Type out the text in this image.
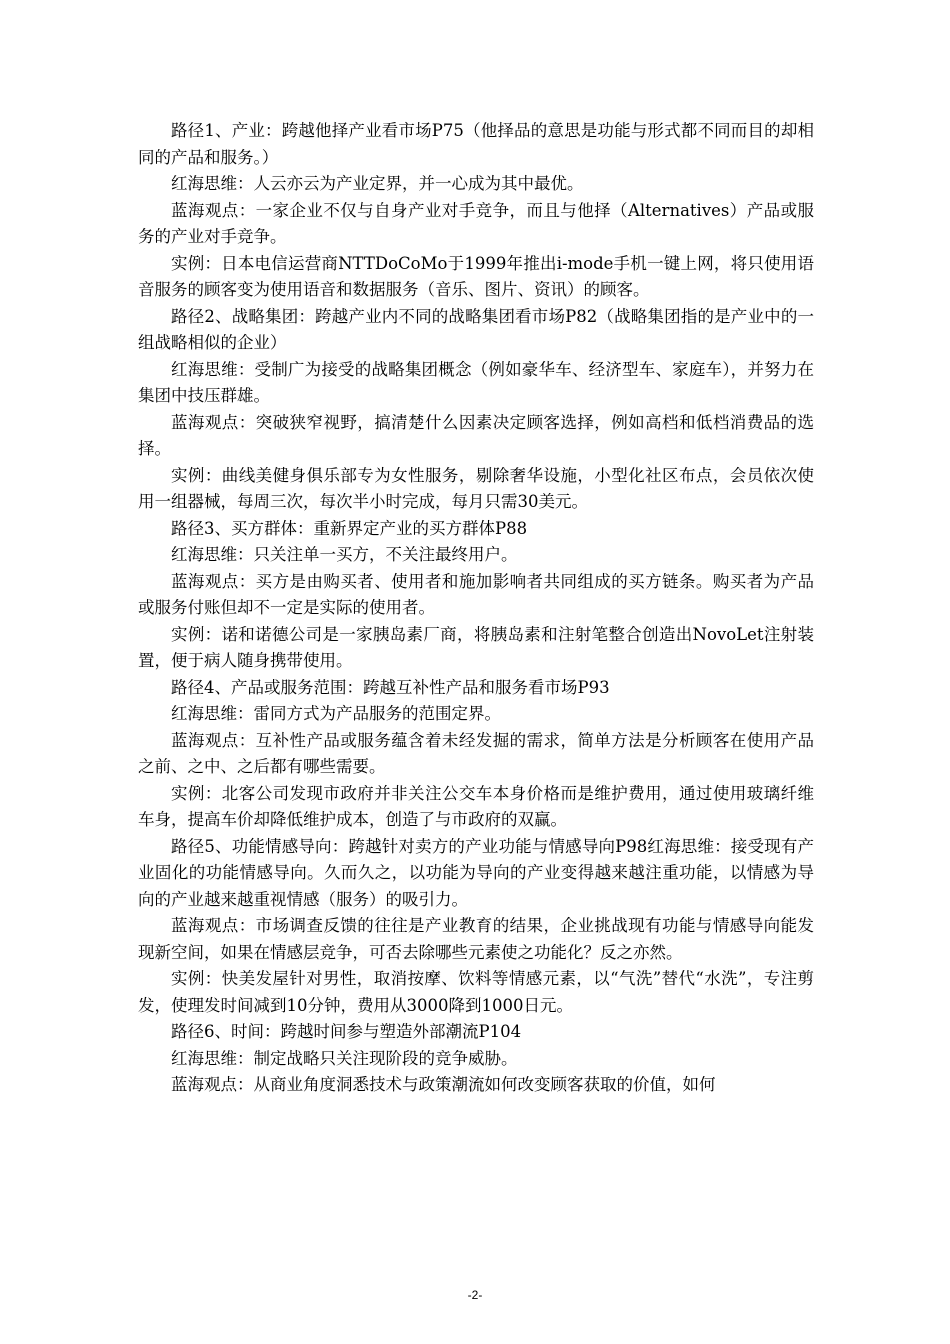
路径1、产业：跨越他择产业看市场P75（他择品的意思是功能与形式都不同而目的却相同的产品和服务。）

红海思维：人云亦云为产业定界，并一心成为其中最优。

蓝海观点：一家企业不仅与自身产业对手竞争，而且与他择（Alternatives）产品或服务的产业对手竞争。

实例：日本电信运营商NTTDoCoMo于1999年推出i-mode手机一键上网，将只使用语音服务的顾客变为使用语音和数据服务（音乐、图片、资讯）的顾客。

路径2、战略集团：跨越产业内不同的战略集团看市场P82（战略集团指的是产业中的一组战略相似的企业）

红海思维：受制广为接受的战略集团概念（例如豪华车、经济型车、家庭车），并努力在集团中技压群雄。

蓝海观点：突破狭窄视野，搞清楚什么因素决定顾客选择，例如高档和低档消费品的选择。

实例：曲线美健身俱乐部专为女性服务，剔除奢华设施，小型化社区布点，会员依次使用一组器械，每周三次，每次半小时完成，每月只需30美元。

路径3、买方群体：重新界定产业的买方群体P88

红海思维：只关注单一买方，不关注最终用户。

蓝海观点：买方是由购买者、使用者和施加影响者共同组成的买方链条。购买者为产品或服务付账但却不一定是实际的使用者。

实例：诺和诺德公司是一家胰岛素厂商，将胰岛素和注射笔整合创造出NovoLet注射装置，便于病人随身携带使用。

路径4、产品或服务范围：跨越互补性产品和服务看市场P93

红海思维：雷同方式为产品服务的范围定界。

蓝海观点：互补性产品或服务蕴含着未经发掘的需求，简单方法是分析顾客在使用产品之前、之中、之后都有哪些需要。

实例：北客公司发现市政府并非关注公交车本身价格而是维护费用，通过使用玻璃纤维车身，提高车价却降低维护成本，创造了与市政府的双赢。

路径5、功能情感导向：跨越针对卖方的产业功能与情感导向P98红海思维：接受现有产业固化的功能情感导向。久而久之，以功能为导向的产业变得越来越注重功能，以情感为导向的产业越来越重视情感（服务）的吸引力。

蓝海观点：市场调查反馈的往往是产业教育的结果，企业挑战现有功能与情感导向能发现新空间，如果在情感层竞争，可否去除哪些元素使之功能化？反之亦然。

实例：快美发屋针对男性，取消按摩、饮料等情感元素，以“气洗”替代“水洗”，专注剪发，使理发时间减到10分钟，费用从3000降到1000日元。

路径6、时间：跨越时间参与塑造外部潮流P104

红海思维：制定战略只关注现阶段的竞争威胁。

蓝海观点：从商业角度洞悉技术与政策潮流如何改变顾客获取的价值，如何

-2-
